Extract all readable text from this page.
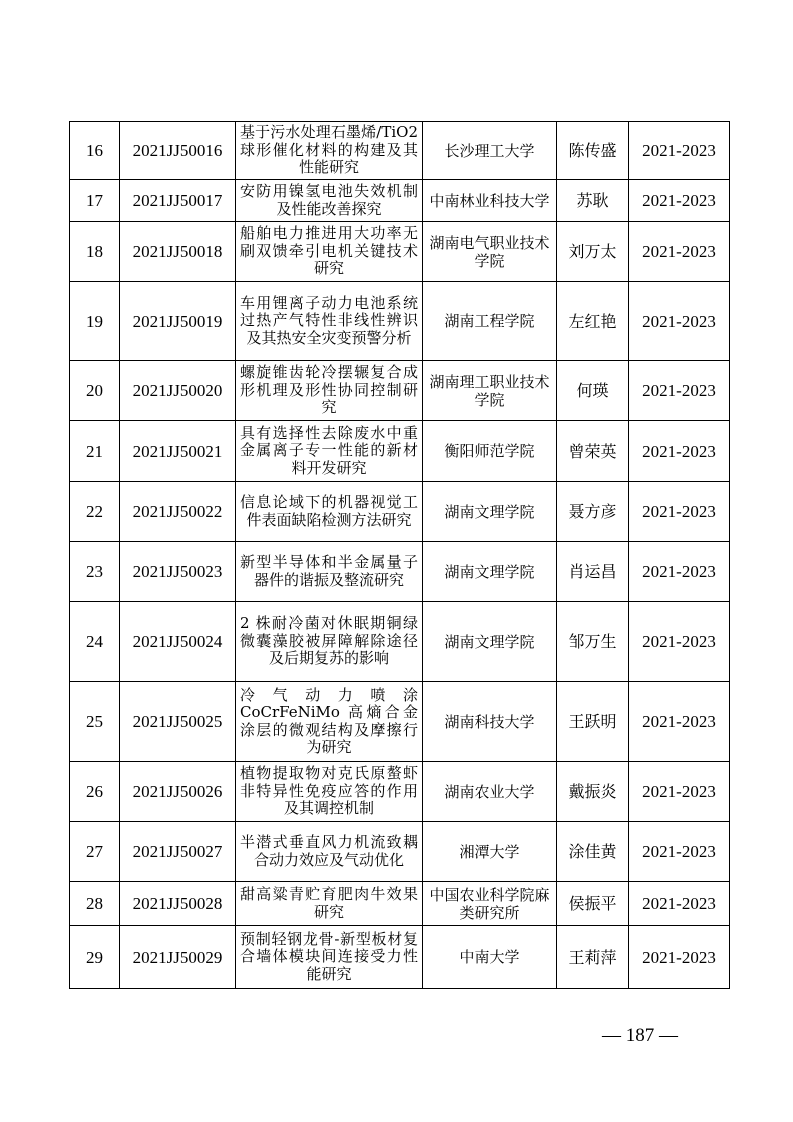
16	2021JJ50016	基于污水处理石墨烯/TiO2 球形催化材料的构建及其性能研究	长沙理工大学	陈传盛	2021-2023
17	2021JJ50017	安防用镍氢电池失效机制及性能改善探究	中南林业科技大学	苏耿	2021-2023
18	2021JJ50018	船舶电力推进用大功率无刷双馈牵引电机关键技术研究	湖南电气职业技术学院	刘万太	2021-2023
19	2021JJ50019	车用锂离子动力电池系统过热产气特性非线性辨识及其热安全灾变预警分析	湖南工程学院	左红艳	2021-2023
20	2021JJ50020	螺旋锥齿轮冷摆辗复合成形机理及形性协同控制研究	湖南理工职业技术学院	何瑛	2021-2023
21	2021JJ50021	具有选择性去除废水中重金属离子专一性能的新材料开发研究	衡阳师范学院	曾荣英	2021-2023
22	2021JJ50022	信息论域下的机器视觉工件表面缺陷检测方法研究	湖南文理学院	聂方彦	2021-2023
23	2021JJ50023	新型半导体和半金属量子器件的谐振及整流研究	湖南文理学院	肖运昌	2021-2023
24	2021JJ50024	2 株耐冷菌对休眠期铜绿微囊藻胶被屏障解除途径及后期复苏的影响	湖南文理学院	邹万生	2021-2023
25	2021JJ50025	冷气动力喷涂 CoCrFeNiMo 高熵合金涂层的微观结构及摩擦行为研究	湖南科技大学	王跃明	2021-2023
26	2021JJ50026	植物提取物对克氏原螯虾非特异性免疫应答的作用及其调控机制	湖南农业大学	戴振炎	2021-2023
27	2021JJ50027	半潜式垂直风力机流致耦合动力效应及气动优化	湘潭大学	涂佳黄	2021-2023
28	2021JJ50028	甜高粱青贮育肥肉牛效果研究	中国农业科学院麻类研究所	侯振平	2021-2023
29	2021JJ50029	预制轻钢龙骨-新型板材复合墙体模块间连接受力性能研究	中南大学	王莉萍	2021-2023
— 187 —
